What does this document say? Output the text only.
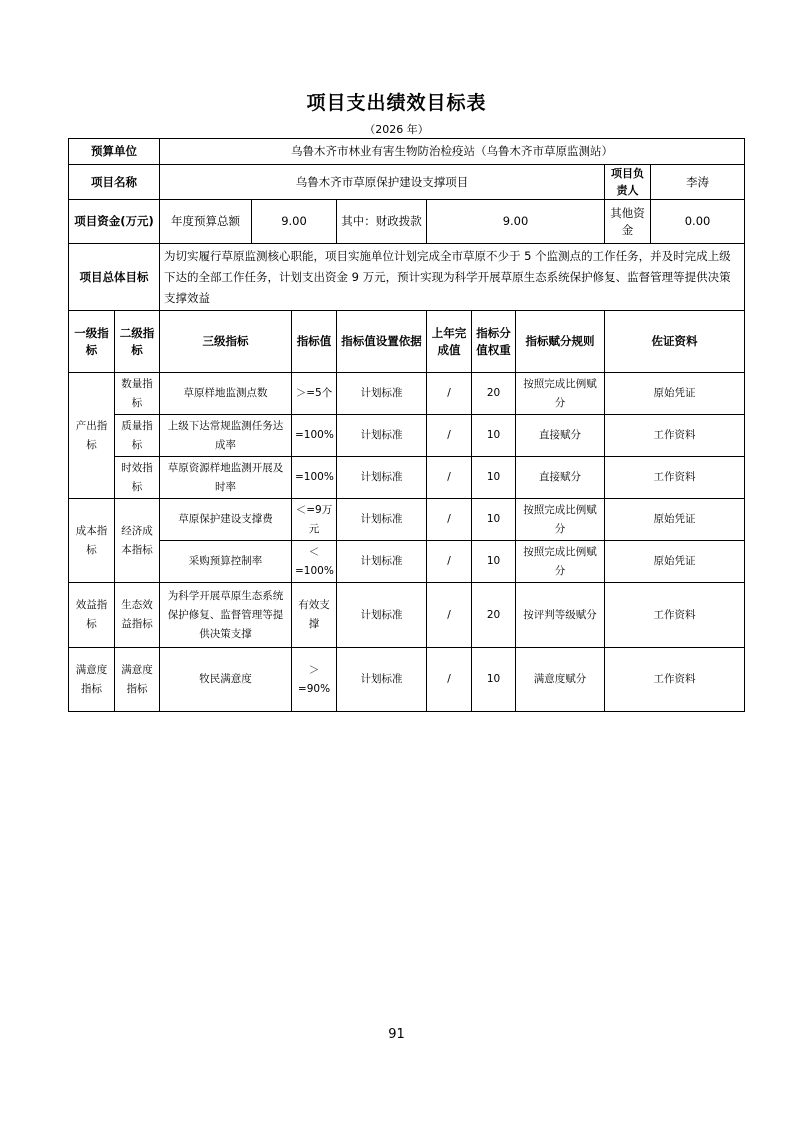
项目支出绩效目标表
（2026 年）
预算单位		乌鲁木齐市林业有害生物防治检疫站（乌鲁木齐市草原监测站）								
项目名称		乌鲁木齐市草原保护建设支撑项目							项目负责人	李涛
项目资金(万元)		年度预算总额	9.00		其中：财政拨款	9.00			其他资金	0.00
项目总体目标		为切实履行草原监测核心职能，项目实施单位计划完成全市草原不少于 5 个监测点的工作任务，并及时完成上级下达的全部工作任务，计划支出资金 9 万元，预计实现为科学开展草原生态系统保护修复、监督管理等提供决策支撑效益								
一级指标	二级指标	三级指标		指标值	指标值设置依据	上年完成值	指标分值权重	指标赋分规则	佐证资料	
产出指标	数量指标	草原样地监测点数		＞=5个	计划标准	/	20	按照完成比例赋分	原始凭证	
	质量指标	上级下达常规监测任务达成率		=100%	计划标准	/	10	直接赋分	工作资料	
	时效指标	草原资源样地监测开展及时率		=100%	计划标准	/	10	直接赋分	工作资料	
成本指标	经济成本指标	草原保护建设支撑费		＜=9万元	计划标准	/	10	按照完成比例赋分	原始凭证	
		采购预算控制率		＜=100%	计划标准	/	10	按照完成比例赋分	原始凭证	
效益指标	生态效益指标	为科学开展草原生态系统保护修复、监督管理等提供决策支撑		有效支撑	计划标准	/	20	按评判等级赋分	工作资料	
满意度指标	满意度指标	牧民满意度		＞=90%	计划标准	/	10	满意度赋分	工作资料	
91
